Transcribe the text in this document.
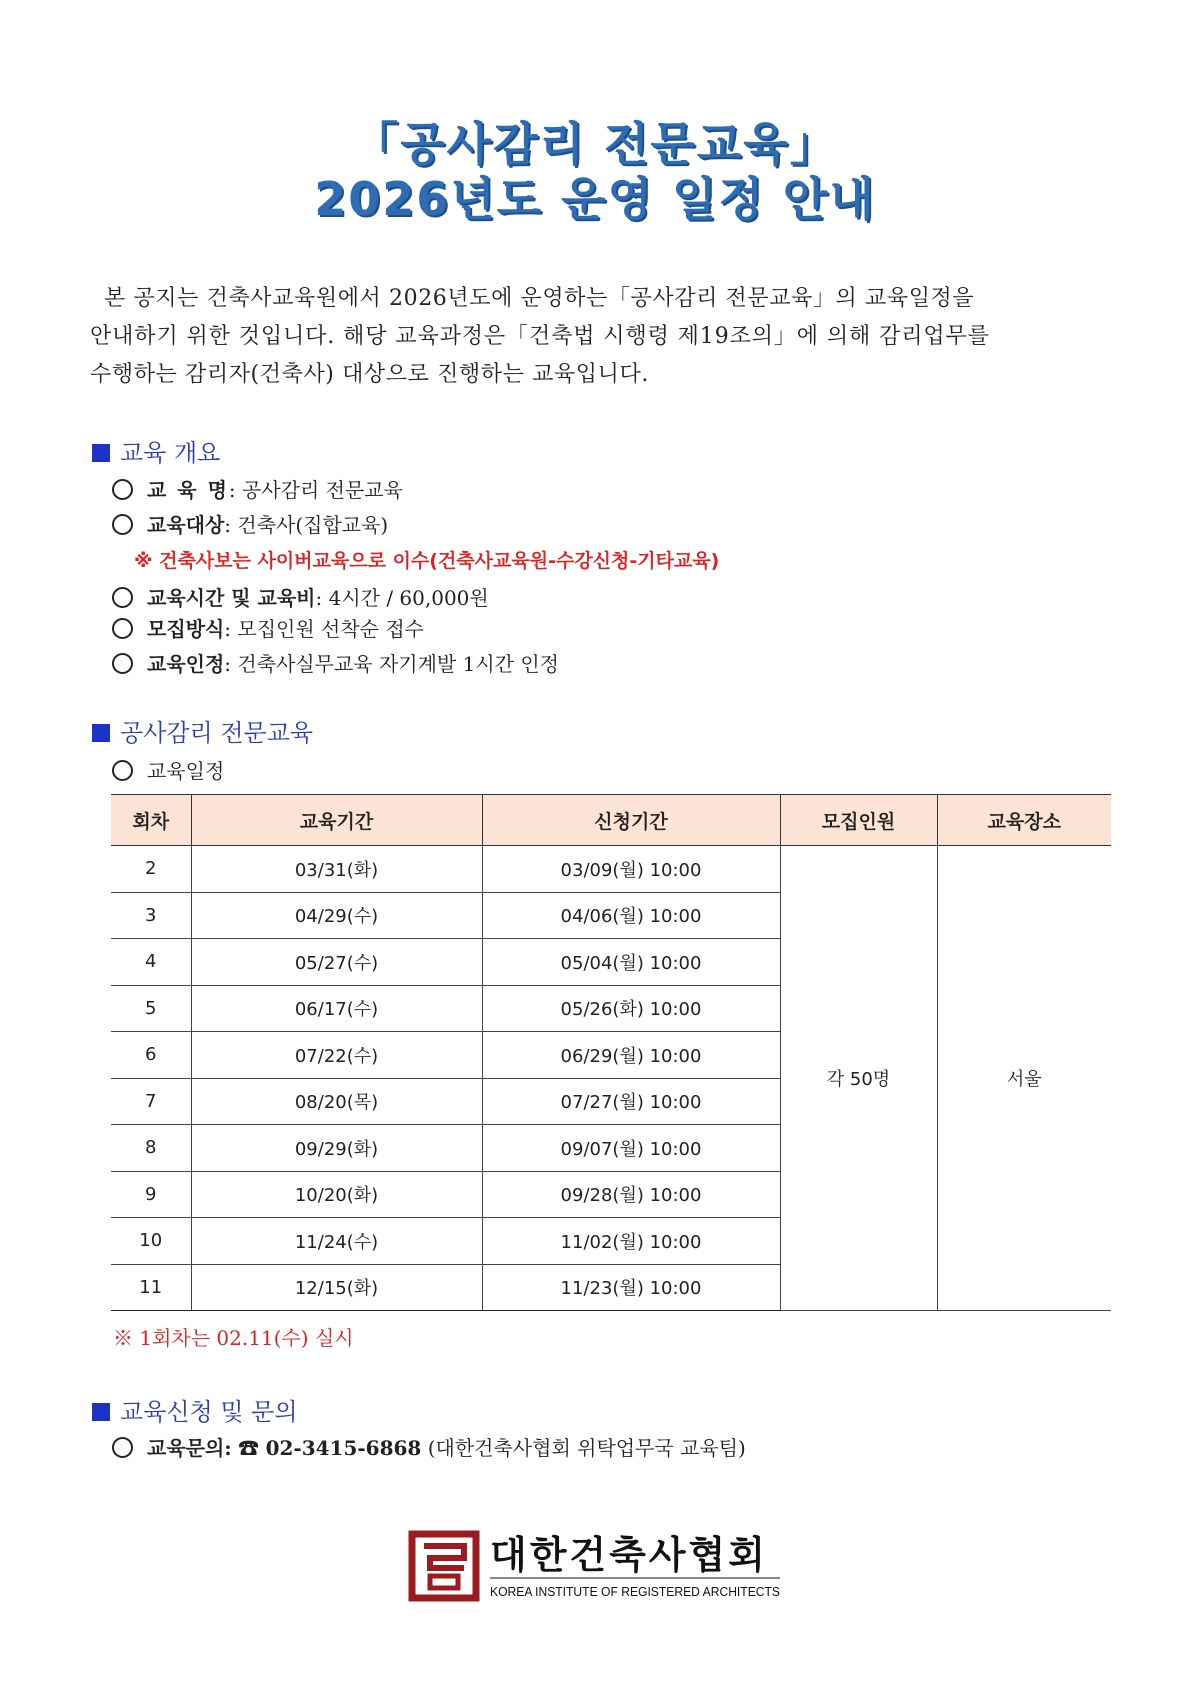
「공사감리 전문교육」
2026년도 운영 일정 안내
본 공지는 건축사교육원에서 2026년도에 운영하는「공사감리 전문교육」의 교육일정을
안내하기 위한 것입니다. 해당 교육과정은「건축법 시행령 제19조의」에 의해 감리업무를
수행하는 감리자(건축사) 대상으로 진행하는 교육입니다.
교육 개요
교 육 명: 공사감리 전문교육
교육대상: 건축사(집합교육)
※ 건축사보는 사이버교육으로 이수(건축사교육원-수강신청-기타교육)
교육시간 및 교육비: 4시간 / 60,000원
모집방식: 모집인원 선착순 접수
교육인정: 건축사실무교육 자기계발 1시간 인정
공사감리 전문교육
교육일정
회차	교육기간	신청기간	모집인원	교육장소
2	03/31(화)	03/09(월) 10:00	각 50명	서울
3	04/29(수)	04/06(월) 10:00		
4	05/27(수)	05/04(월) 10:00		
5	06/17(수)	05/26(화) 10:00		
6	07/22(수)	06/29(월) 10:00		
7	08/20(목)	07/27(월) 10:00		
8	09/29(화)	09/07(월) 10:00		
9	10/20(화)	09/28(월) 10:00		
10	11/24(수)	11/02(월) 10:00		
11	12/15(화)	11/23(월) 10:00		
※ 1회차는 02.11(수) 실시
교육신청 및 문의
교육문의: ☎ 02-3415-6868 (대한건축사협회 위탁업무국 교육팀)
대한건축사협회
KOREA INSTITUTE OF REGISTERED ARCHITECTS
